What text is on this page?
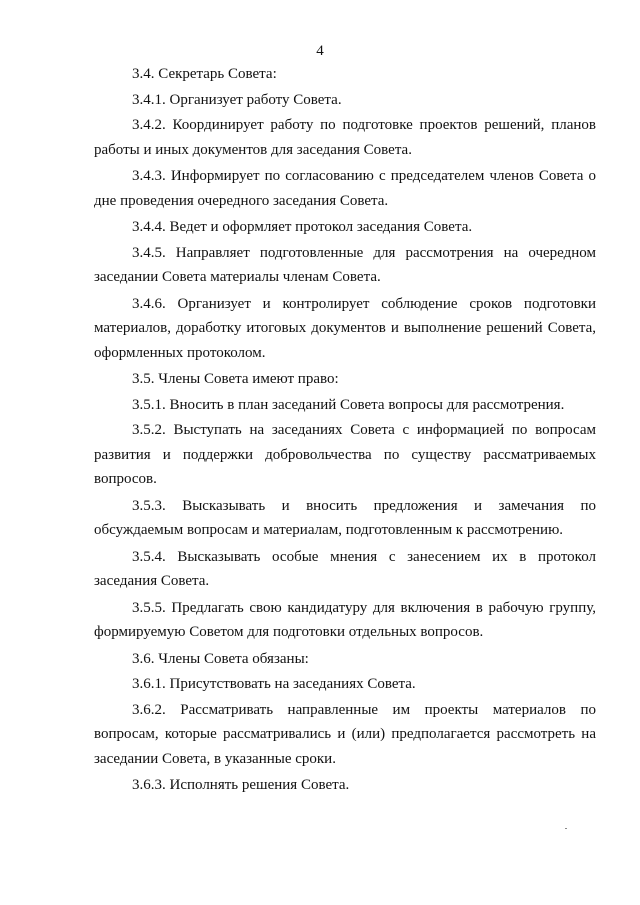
4

3.4. Секретарь Совета:

3.4.1. Организует работу Совета.

3.4.2. Координирует работу по подготовке проектов решений, планов работы и иных документов для заседания Совета.

3.4.3. Информирует по согласованию с председателем членов Совета о дне проведения очередного заседания Совета.

3.4.4. Ведет и оформляет протокол заседания Совета.

3.4.5. Направляет подготовленные для рассмотрения на очередном заседании Совета материалы членам Совета.

3.4.6. Организует и контролирует соблюдение сроков подготовки материалов, доработку итоговых документов и выполнение решений Совета, оформленных протоколом.

3.5. Члены Совета имеют право:

3.5.1. Вносить в план заседаний Совета вопросы для рассмотрения.

3.5.2. Выступать на заседаниях Совета с информацией по вопросам развития и поддержки добровольчества по существу рассматриваемых вопросов.

3.5.3. Высказывать и вносить предложения и замечания по обсуждаемым вопросам и материалам, подготовленным к рассмотрению.

3.5.4. Высказывать особые мнения с занесением их в протокол заседания Совета.

3.5.5. Предлагать свою кандидатуру для включения в рабочую группу, формируемую Советом для подготовки отдельных вопросов.

3.6. Члены Совета обязаны:

3.6.1. Присутствовать на заседаниях Совета.

3.6.2. Рассматривать направленные им проекты материалов по вопросам, которые рассматривались и (или) предполагается рассмотреть на заседании Совета, в указанные сроки.

3.6.3. Исполнять решения Совета.
